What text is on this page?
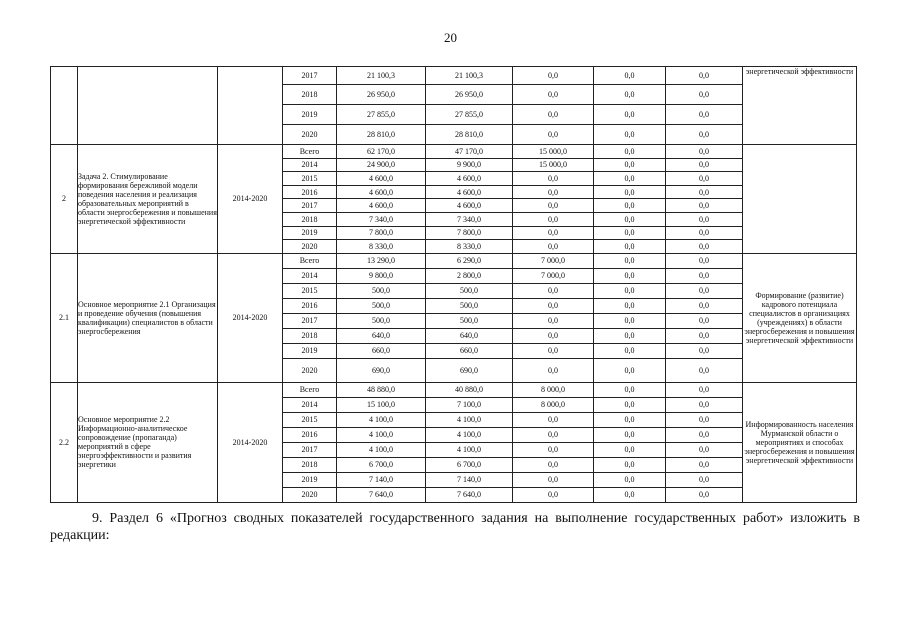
20
			2017	21 100,3	21 100,3	0,0	0,0	0,0	энергетической эффективности
			2018	26 950,0	26 950,0	0,0	0,0	0,0	
			2019	27 855,0	27 855,0	0,0	0,0	0,0	
			2020	28 810,0	28 810,0	0,0	0,0	0,0	
2	Задача 2. Стимулирование формирования бережливой модели поведения населения и реализация образовательных мероприятий в области энергосбережения и повышения энергетической эффективности	2014-2020	Всего	62 170,0	47 170,0	15 000,0	0,0	0,0	
			2014	24 900,0	9 900,0	15 000,0	0,0	0,0	
			2015	4 600,0	4 600,0	0,0	0,0	0,0	
			2016	4 600,0	4 600,0	0,0	0,0	0,0	
			2017	4 600,0	4 600,0	0,0	0,0	0,0	
			2018	7 340,0	7 340,0	0,0	0,0	0,0	
			2019	7 800,0	7 800,0	0,0	0,0	0,0	
			2020	8 330,0	8 330,0	0,0	0,0	0,0	
2.1	Основное мероприятие 2.1 Организация и проведение обучения (повышения квалификации) специалистов в области энергосбережения	2014-2020	Всего	13 290,0	6 290,0	7 000,0	0,0	0,0	Формирование (развитие) кадрового потенциала специалистов в организациях (учреждениях) в области энергосбережения и повышения энергетической эффективности
			2014	9 800,0	2 800,0	7 000,0	0,0	0,0	
			2015	500,0	500,0	0,0	0,0	0,0	
			2016	500,0	500,0	0,0	0,0	0,0	
			2017	500,0	500,0	0,0	0,0	0,0	
			2018	640,0	640,0	0,0	0,0	0,0	
			2019	660,0	660,0	0,0	0,0	0,0	
			2020	690,0	690,0	0,0	0,0	0,0	
2.2	Основное мероприятие 2.2 Информационно-аналитическое сопровождение (пропаганда) мероприятий в сфере энергоэффективности и развития энергетики	2014-2020	Всего	48 880,0	40 880,0	8 000,0	0,0	0,0	Информированность населения Мурманской области о мероприятиях и способах энергосбережения и повышения энергетической эффективности
			2014	15 100,0	7 100,0	8 000,0	0,0	0,0	
			2015	4 100,0	4 100,0	0,0	0,0	0,0	
			2016	4 100,0	4 100,0	0,0	0,0	0,0	
			2017	4 100,0	4 100,0	0,0	0,0	0,0	
			2018	6 700,0	6 700,0	0,0	0,0	0,0	
			2019	7 140,0	7 140,0	0,0	0,0	0,0	
			2020	7 640,0	7 640,0	0,0	0,0	0,0	
9. Раздел 6 «Прогноз сводных показателей государственного задания на выполнение государственных работ» изложить в редакции:
